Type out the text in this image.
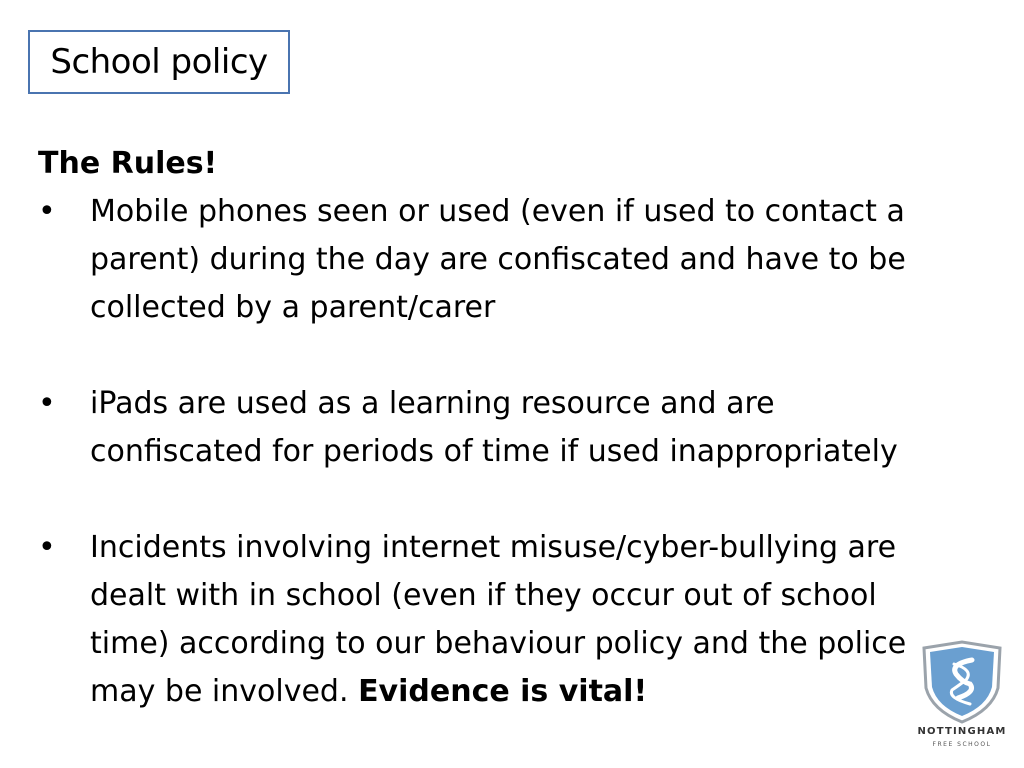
School policy
The Rules!
• Mobile phones seen or used (even if used to contact a parent) during the day are confiscated and have to be collected by a parent/carer
• iPads are used as a learning resource and are confiscated for periods of time if used inappropriately
• Incidents involving internet misuse/cyber-bullying are dealt with in school (even if they occur out of school time) according to our behaviour policy and the police may be involved. Evidence is vital!
NOTTINGHAM
FREE SCHOOL
